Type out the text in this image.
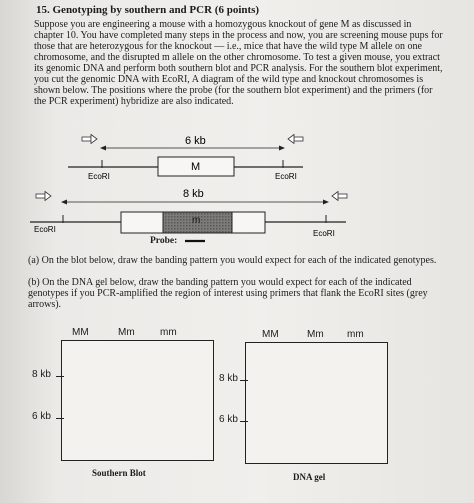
15. Genotyping by southern and PCR (6 points)
Suppose you are engineering a mouse with a homozygous knockout of gene M as discussed in
chapter 10. You have completed many steps in the process and now, you are screening mouse pups for
those that are heterozygous for the knockout — i.e., mice that have the wild type M allele on one
chromosome, and the disrupted m allele on the other chromosome. To test a given mouse, you extract
its genomic DNA and perform both southern blot and PCR analysis. For the southern blot experiment,
you cut the genomic DNA with EcoRI, A diagram of the wild type and knockout chromosomes is
shown below. The positions where the probe (for the southern blot experiment) and the primers (for
the PCR experiment) hybridize are also indicated.
6 kb
M
EcoRI	EcoRI
8 kb
m
EcoRI	EcoRI
Probe:
(a) On the blot below, draw the banding pattern you would expect for each of the indicated genotypes.
(b) On the DNA gel below, draw the banding pattern you would expect for each of the indicated
genotypes if you PCR-amplified the region of interest using primers that flank the EcoRI sites (grey
arrows).
MM	Mm	mm
8 kb
6 kb
Southern Blot
MM	Mm mm
8 kb
6 kb
DNA gel
